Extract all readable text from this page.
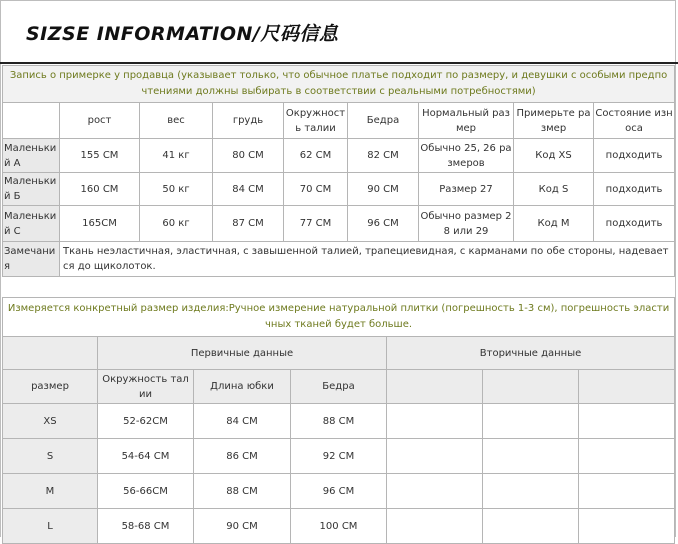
SIZSE INFORMATION/尺码信息
Запись о примерке у продавца (указывает только, что обычное платье подходит по размеру, и девушки с особыми предпочтениями должны выбирать в соответствии с реальными потребностями)								
	рост	вес	грудь	Окружность талии	Бедра	Нормальный размер	Примерьте размер	Состояние износа
Маленький А	155 CM	41 кг	80 CM	62 CM	82 CM	Обычно 25, 26 размеров	Код XS	подходить
Маленький Б	160 CM	50 кг	84 CM	70 CM	90 CM	Размер 27	Код S	подходить
Маленький С	165CM	60 кг	87 CM	77 CM	96 CM	Обычно размер 28 или 29	Код M	подходить
Замечания	Ткань неэластичная, эластичная, с завышенной талией, трапециевидная, с карманами по обе стороны, надевается до щиколоток.							
Измеряется конкретный размер изделия:Ручное измерение натуральной плитки (погрешность 1-3 см), погрешность эластичных тканей будет больше.						
	Первичные данные			Вторичные данные		
размер	Окружность талии	Длина юбки	Бедра			
XS	52-62CM	84 CM	88 CM			
S	54-64 CM	86 CM	92 CM			
M	56-66CM	88 CM	96 CM			
L	58-68 CM	90 CM	100 CM			
